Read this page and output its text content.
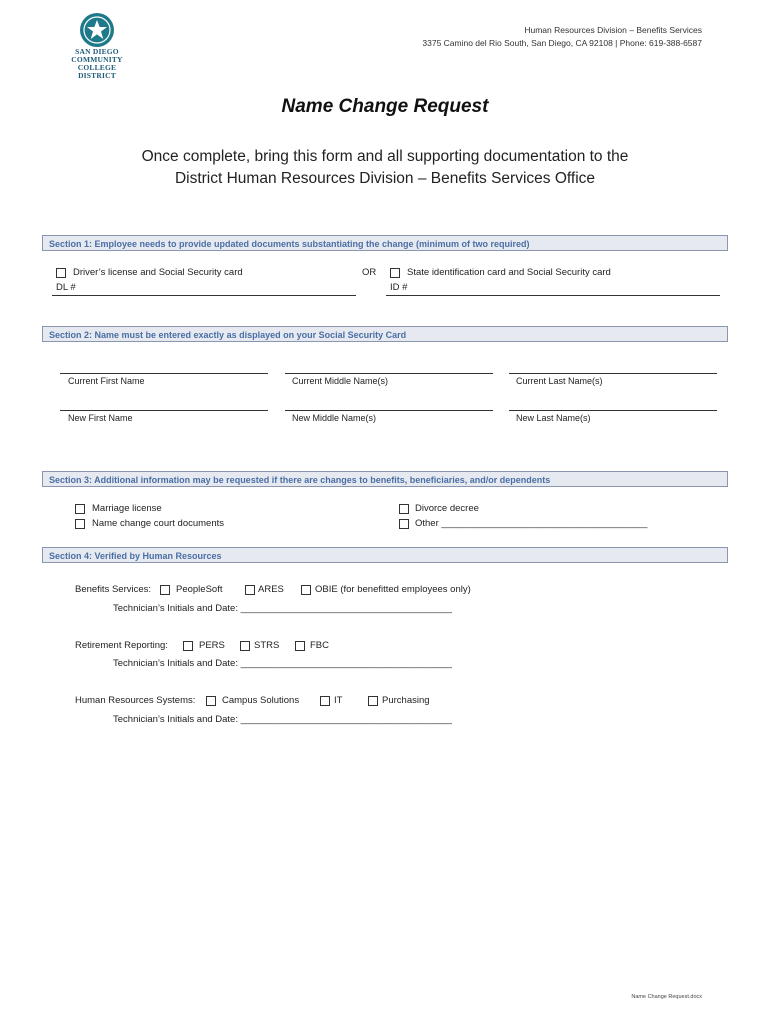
SAN DIEGO
COMMUNITY COLLEGE
DISTRICT
Human Resources Division – Benefits Services
3375 Camino del Rio South, San Diego, CA 92108 | Phone: 619-388-6587
Name Change Request
Once complete, bring this form and all supporting documentation to the
District Human Resources Division – Benefits Services Office
Section 1: Employee needs to provide updated documents substantiating the change (minimum of two required)
Driver’s license and Social Security card
DL #
OR	State identification card and Social Security card
ID #
Section 2: Name must be entered exactly as displayed on your Social Security Card
Current First Name	Current Middle Name(s)	Current Last Name(s)
New First Name	New Middle Name(s)	New Last Name(s)
Section 3: Additional information may be requested if there are changes to benefits, beneficiaries, and/or dependents
Marriage license
Name change court documents
Divorce decree
Other _______________________________________
Section 4: Verified by Human Resources
Benefits Services:	PeopleSoft	ARES	OBIE (for benefitted employees only)
Technician’s Initials and Date: ________________________________________
Retirement Reporting:	PERS	STRS	FBC
Technician’s Initials and Date: ________________________________________
Human Resources Systems:	Campus Solutions	IT	Purchasing
Technician’s Initials and Date: ________________________________________
Name Change Request.docx
